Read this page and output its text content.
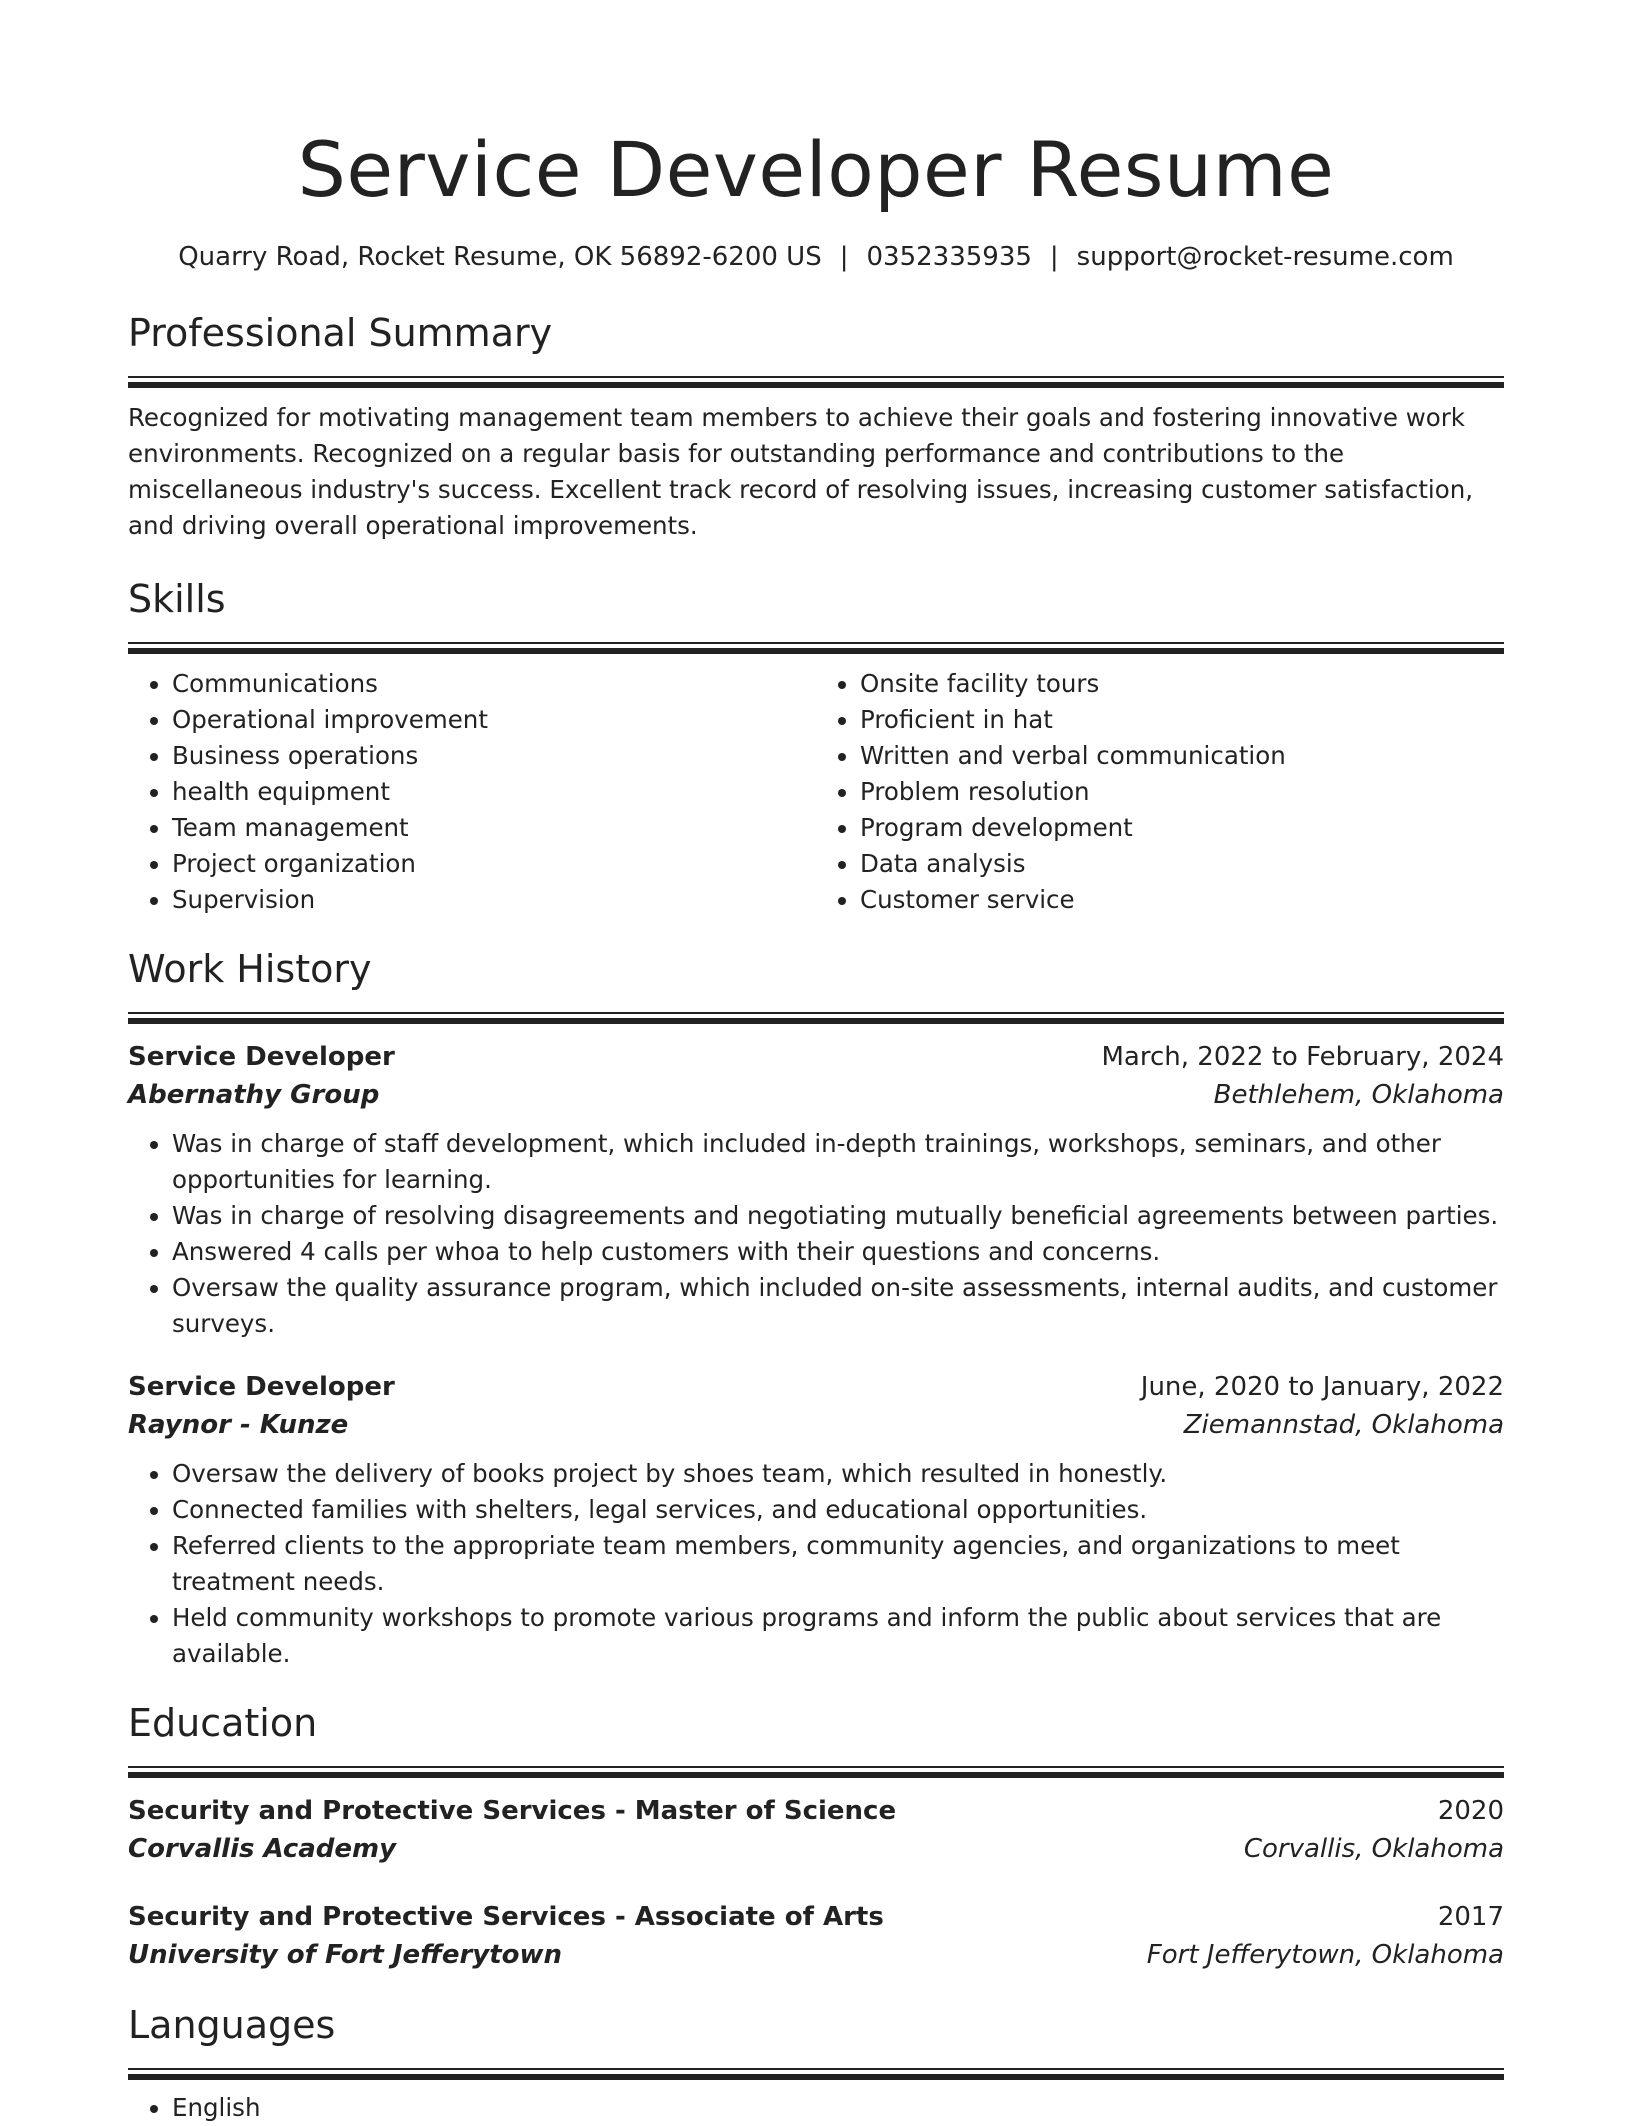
Service Developer Resume
Quarry Road, Rocket Resume, OK 56892-6200 US | 0352335935 | support@rocket-resume.com
Professional Summary

Recognized for motivating management team members to achieve their goals and fostering innovative work environments. Recognized on a regular basis for outstanding performance and contributions to the miscellaneous industry's success. Excellent track record of resolving issues, increasing customer satisfaction, and driving overall operational improvements.

Skills
• Communications
• Operational improvement
• Business operations
• health equipment
• Team management
• Project organization
• Supervision
• Onsite facility tours
• Proficient in hat
• Written and verbal communication
• Problem resolution
• Program development
• Data analysis
• Customer service
Work History
Service Developer	March, 2022 to February, 2024
Abernathy Group	Bethlehem, Oklahoma
• Was in charge of staff development, which included in-depth trainings, workshops, seminars, and other opportunities for learning.
• Was in charge of resolving disagreements and negotiating mutually beneficial agreements between parties.
• Answered 4 calls per whoa to help customers with their questions and concerns.
• Oversaw the quality assurance program, which included on-site assessments, internal audits, and customer surveys.
Service Developer	June, 2020 to January, 2022
Raynor - Kunze	Ziemannstad, Oklahoma
• Oversaw the delivery of books project by shoes team, which resulted in honestly.
• Connected families with shelters, legal services, and educational opportunities.
• Referred clients to the appropriate team members, community agencies, and organizations to meet treatment needs.
• Held community workshops to promote various programs and inform the public about services that are available.
Education
Security and Protective Services - Master of Science	2020
Corvallis Academy	Corvallis, Oklahoma
Security and Protective Services - Associate of Arts	2017
University of Fort Jefferytown	Fort Jefferytown, Oklahoma
Languages
• English
